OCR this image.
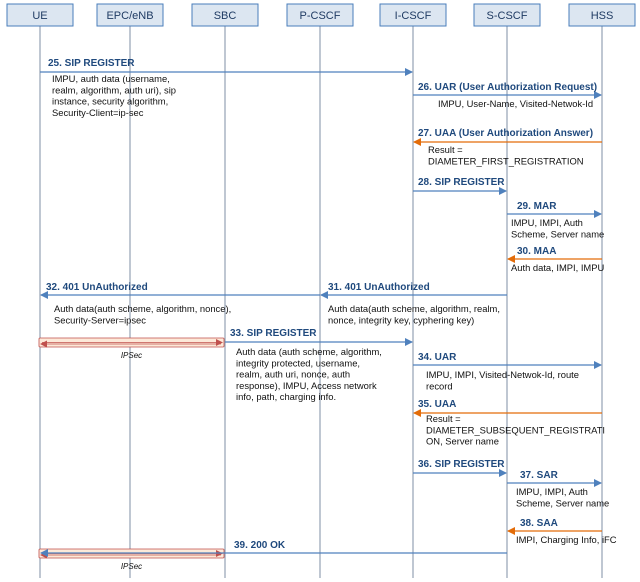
UE	EPC/eNB	SBC	P-CSCF	I-CSCF	S-CSCF	HSS
IPSec
IPSec
25. SIP REGISTER
IMPU, auth data (username,
realm, algorithm, auth uri), sip
instance, security algorithm,
Security-Client=ip-sec
26. UAR (User Authorization Request)
IMPU, User-Name, Visited-Netwok-Id
27. UAA (User Authorization Answer)
Result =
DIAMETER_FIRST_REGISTRATION
28. SIP REGISTER
29. MAR
IMPU, IMPI, Auth
Scheme, Server name
30. MAA
Auth data, IMPI, IMPU
31. 401 UnAuthorized
Auth data(auth scheme, algorithm, realm,
nonce, integrity key, cyphering key)
32. 401 UnAuthorized
Auth data(auth scheme, algorithm, nonce),
Security-Server=ipsec
33. SIP REGISTER
Auth data (auth scheme, algorithm,
integrity protected, username,
realm, auth uri, nonce, auth
response), IMPU, Access network
info, path, charging info.
34. UAR
IMPU, IMPI, Visited-Netwok-Id, route
record
35. UAA
Result =
DIAMETER_SUBSEQUENT_REGISTRATI
ON, Server name
36. SIP REGISTER
37. SAR
IMPU, IMPI, Auth
Scheme, Server name
38. SAA
IMPI, Charging Info, iFC
39. 200 OK
